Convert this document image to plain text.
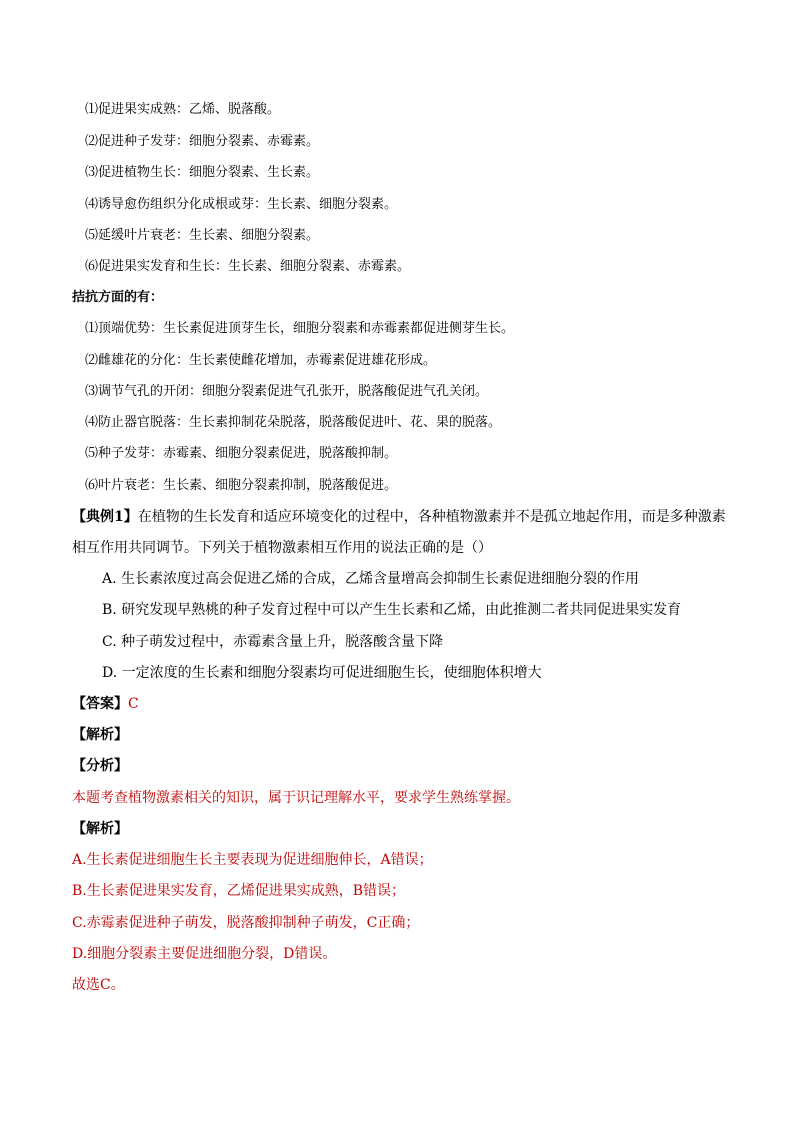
⑴促进果实成熟：乙烯、脱落酸。
⑵促进种子发芽：细胞分裂素、赤霉素。
⑶促进植物生长：细胞分裂素、生长素。
⑷诱导愈伤组织分化成根或芽：生长素、细胞分裂素。
⑸延缓叶片衰老：生长素、细胞分裂素。
⑹促进果实发育和生长：生长素、细胞分裂素、赤霉素。
拮抗方面的有：
⑴顶端优势：生长素促进顶芽生长，细胞分裂素和赤霉素都促进侧芽生长。
⑵雌雄花的分化：生长素使雌花增加，赤霉素促进雄花形成。
⑶调节气孔的开闭：细胞分裂素促进气孔张开，脱落酸促进气孔关闭。
⑷防止器官脱落：生长素抑制花朵脱落，脱落酸促进叶、花、果的脱落。
⑸种子发芽：赤霉素、细胞分裂素促进，脱落酸抑制。
⑹叶片衰老：生长素、细胞分裂素抑制，脱落酸促进。
【典例1】在植物的生长发育和适应环境变化的过程中，各种植物激素并不是孤立地起作用，而是多种激素
相互作用共同调节。下列关于植物激素相互作用的说法正确的是（）
A. 生长素浓度过高会促进乙烯的合成，乙烯含量增高会抑制生长素促进细胞分裂的作用
B. 研究发现早熟桃的种子发育过程中可以产生生长素和乙烯，由此推测二者共同促进果实发育
C. 种子萌发过程中，赤霉素含量上升，脱落酸含量下降
D. 一定浓度的生长素和细胞分裂素均可促进细胞生长，使细胞体积增大
【答案】C
【解析】
【分析】
本题考查植物激素相关的知识，属于识记理解水平，要求学生熟练掌握。
【解析】
A.生长素促进细胞生长主要表现为促进细胞伸长，A错误；
B.生长素促进果实发育，乙烯促进果实成熟，B错误；
C.赤霉素促进种子萌发，脱落酸抑制种子萌发，C正确；
D.细胞分裂素主要促进细胞分裂，D错误。
故选C。
